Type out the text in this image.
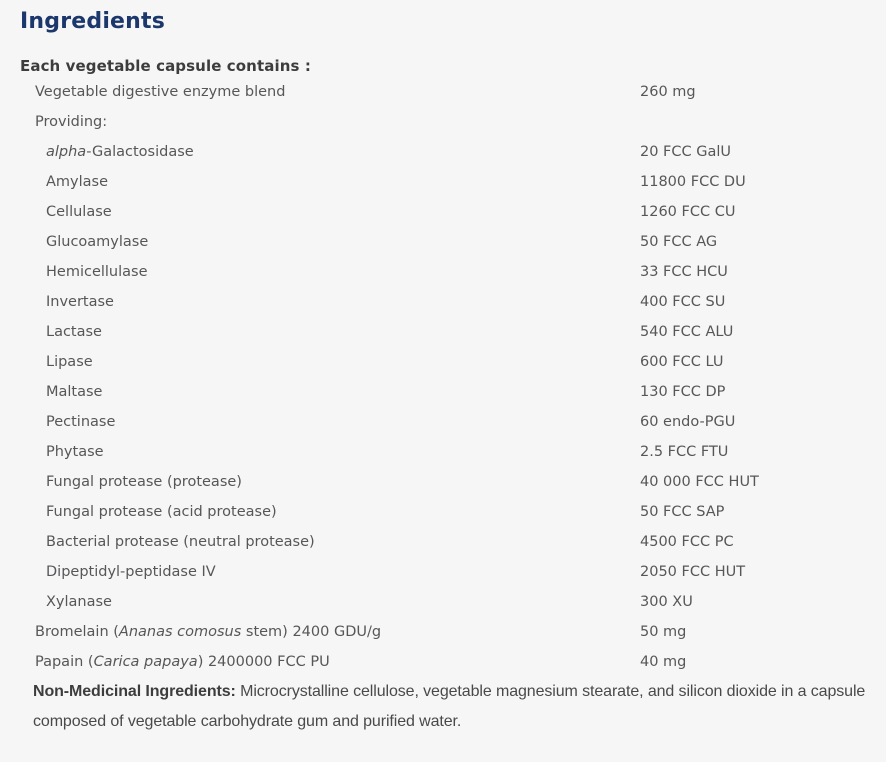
Ingredients

Each vegetable capsule contains :

Vegetable digestive enzyme blend	260 mg
Providing:
alpha-Galactosidase	20 FCC GalU
Amylase	11800 FCC DU
Cellulase	1260 FCC CU
Glucoamylase	50 FCC AG
Hemicellulase	33 FCC HCU
Invertase	400 FCC SU
Lactase	540 FCC ALU
Lipase	600 FCC LU
Maltase	130 FCC DP
Pectinase	60 endo-PGU
Phytase	2.5 FCC FTU
Fungal protease (protease)	40 000 FCC HUT
Fungal protease (acid protease)	50 FCC SAP
Bacterial protease (neutral protease)	4500 FCC PC
Dipeptidyl-peptidase IV	2050 FCC HUT
Xylanase	300 XU
Bromelain (Ananas comosus stem) 2400 GDU/g	50 mg
Papain (Carica papaya) 2400000 FCC PU	40 mg

Non-Medicinal Ingredients: Microcrystalline cellulose, vegetable magnesium stearate, and silicon dioxide in a capsule composed of vegetable carbohydrate gum and purified water.
